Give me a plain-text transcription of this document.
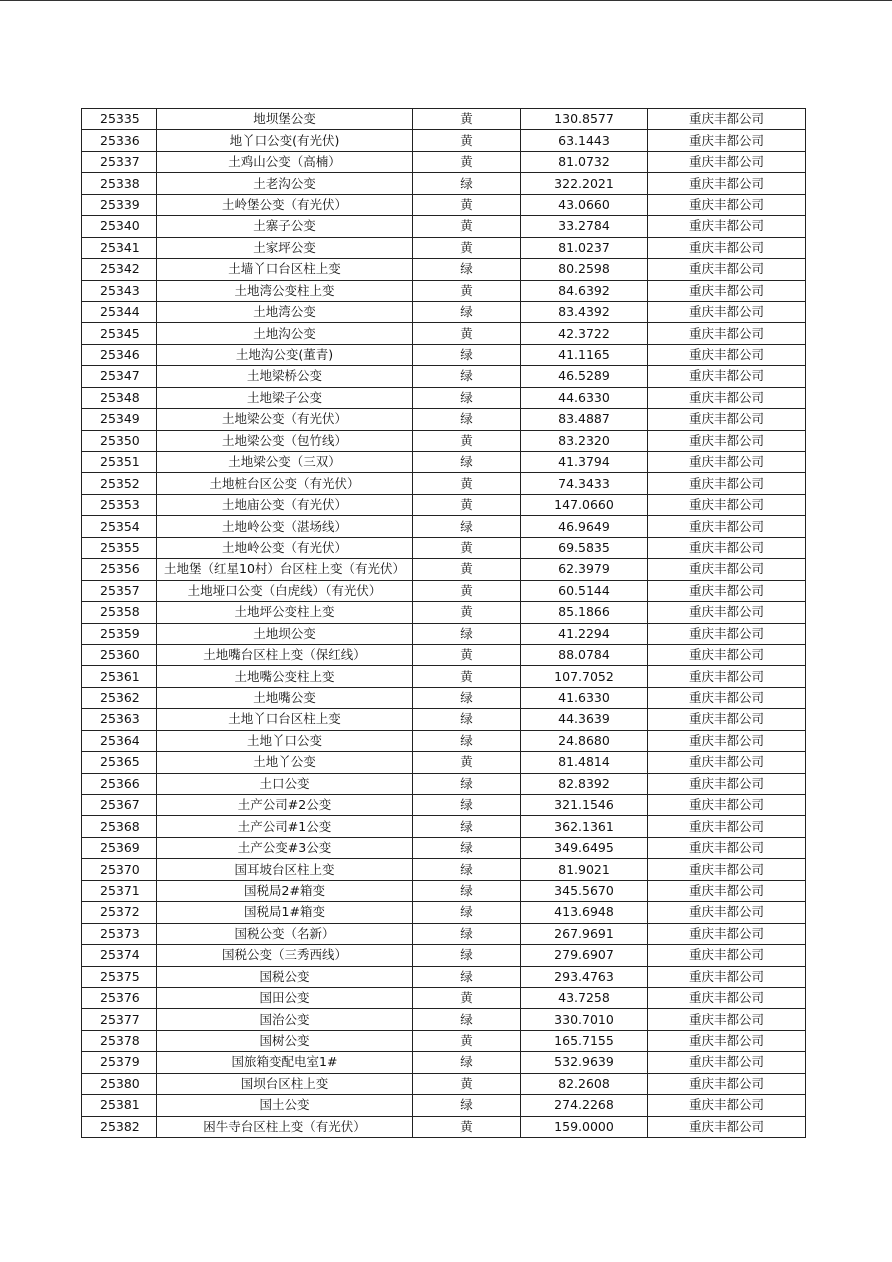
25335	地坝堡公变	黄	130.8577	重庆丰都公司
25336	地丫口公变(有光伏)	黄	63.1443	重庆丰都公司
25337	土鸡山公变（高楠）	黄	81.0732	重庆丰都公司
25338	土老沟公变	绿	322.2021	重庆丰都公司
25339	土岭堡公变（有光伏）	黄	43.0660	重庆丰都公司
25340	土寨子公变	黄	33.2784	重庆丰都公司
25341	土家坪公变	黄	81.0237	重庆丰都公司
25342	土墙丫口台区柱上变	绿	80.2598	重庆丰都公司
25343	土地湾公变柱上变	黄	84.6392	重庆丰都公司
25344	土地湾公变	绿	83.4392	重庆丰都公司
25345	土地沟公变	黄	42.3722	重庆丰都公司
25346	土地沟公变(董青)	绿	41.1165	重庆丰都公司
25347	土地梁桥公变	绿	46.5289	重庆丰都公司
25348	土地梁子公变	绿	44.6330	重庆丰都公司
25349	土地梁公变（有光伏）	绿	83.4887	重庆丰都公司
25350	土地梁公变（包竹线）	黄	83.2320	重庆丰都公司
25351	土地梁公变（三双）	绿	41.3794	重庆丰都公司
25352	土地桩台区公变（有光伏）	黄	74.3433	重庆丰都公司
25353	土地庙公变（有光伏）	黄	147.0660	重庆丰都公司
25354	土地岭公变（湛场线）	绿	46.9649	重庆丰都公司
25355	土地岭公变（有光伏）	黄	69.5835	重庆丰都公司
25356	土地堡（红星10村）台区柱上变（有光伏）	黄	62.3979	重庆丰都公司
25357	土地垭口公变（白虎线）（有光伏）	黄	60.5144	重庆丰都公司
25358	土地坪公变柱上变	黄	85.1866	重庆丰都公司
25359	土地坝公变	绿	41.2294	重庆丰都公司
25360	土地嘴台区柱上变（保红线）	黄	88.0784	重庆丰都公司
25361	土地嘴公变柱上变	黄	107.7052	重庆丰都公司
25362	土地嘴公变	绿	41.6330	重庆丰都公司
25363	土地丫口台区柱上变	绿	44.3639	重庆丰都公司
25364	土地丫口公变	绿	24.8680	重庆丰都公司
25365	土地丫公变	黄	81.4814	重庆丰都公司
25366	土口公变	绿	82.8392	重庆丰都公司
25367	土产公司#2公变	绿	321.1546	重庆丰都公司
25368	土产公司#1公变	绿	362.1361	重庆丰都公司
25369	土产公变#3公变	绿	349.6495	重庆丰都公司
25370	国耳坡台区柱上变	绿	81.9021	重庆丰都公司
25371	国税局2#箱变	绿	345.5670	重庆丰都公司
25372	国税局1#箱变	绿	413.6948	重庆丰都公司
25373	国税公变（名新）	绿	267.9691	重庆丰都公司
25374	国税公变（三秀西线）	绿	279.6907	重庆丰都公司
25375	国税公变	绿	293.4763	重庆丰都公司
25376	国田公变	黄	43.7258	重庆丰都公司
25377	国治公变	绿	330.7010	重庆丰都公司
25378	国树公变	黄	165.7155	重庆丰都公司
25379	国旅箱变配电室1#	绿	532.9639	重庆丰都公司
25380	国坝台区柱上变	黄	82.2608	重庆丰都公司
25381	国土公变	绿	274.2268	重庆丰都公司
25382	困牛寺台区柱上变（有光伏）	黄	159.0000	重庆丰都公司
